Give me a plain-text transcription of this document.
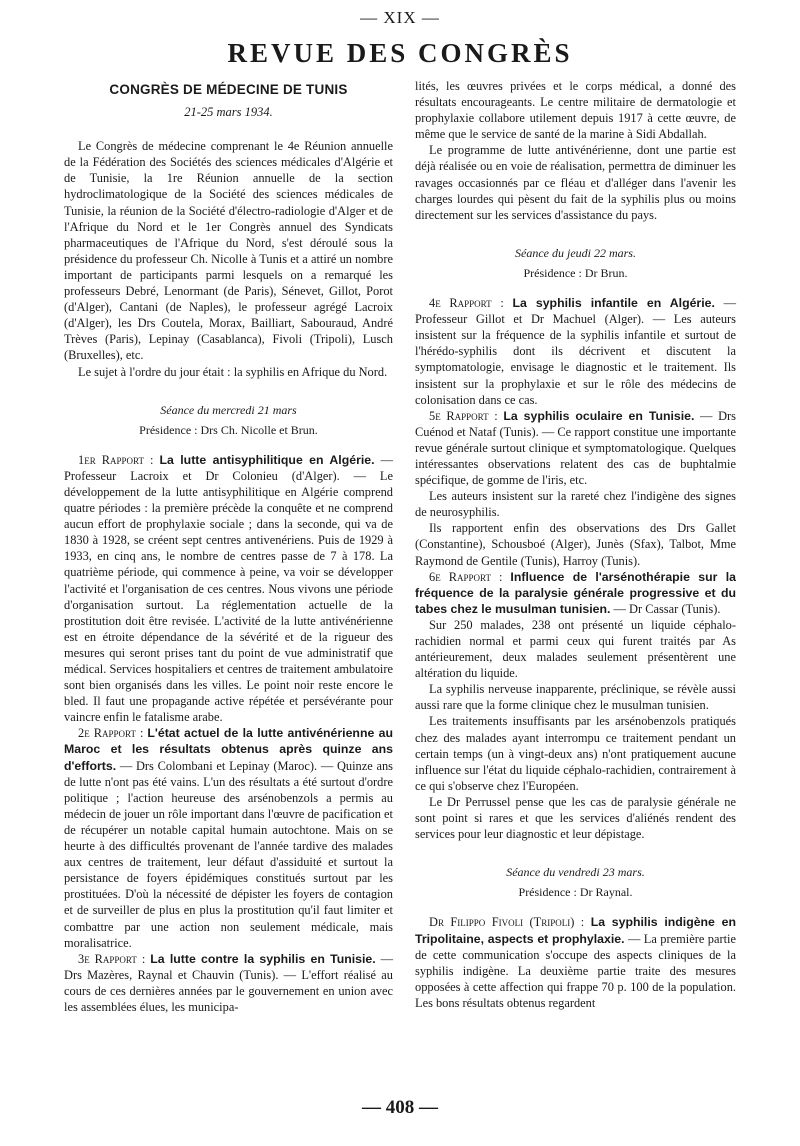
— XIX —
REVUE DES CONGRÈS
CONGRÈS DE MÉDECINE DE TUNIS
21-25 mars 1934.

Le Congrès de médecine comprenant le 4e Réunion annuelle de la Fédération des Sociétés des sciences médicales d'Algérie et de Tunisie, la 1re Réunion annuelle de la section hydroclimatologique de la Société des sciences médicales de Tunisie, la réunion de la Société d'électro-radiologie d'Alger et de l'Afrique du Nord et le 1er Congrès annuel des Syndicats pharmaceutiques de l'Afrique du Nord, s'est déroulé sous la présidence du professeur Ch. Nicolle à Tunis et a attiré un nombre important de participants parmi lesquels on a remarqué les professeurs Debré, Lenormant (de Paris), Sénevet, Gillot, Porot (d'Alger), Cantani (de Naples), le professeur agrégé Lacroix (d'Alger), les Drs Coutela, Morax, Bailliart, Sabouraud, André Trèves (Paris), Lepinay (Casablanca), Fivoli (Tripoli), Lusch (Bruxelles), etc.

Le sujet à l'ordre du jour était : la syphilis en Afrique du Nord.

Séance du mercredi 21 mars
Présidence : Drs Ch. Nicolle et Brun.

1er Rapport : La lutte antisyphilitique en Algérie. — Professeur Lacroix et Dr Colonieu (d'Alger). — Le développement de la lutte antisyphilitique en Algérie comprend quatre périodes : la première précède la conquête et ne comprend aucun effort de prophylaxie sociale ; dans la seconde, qui va de 1830 à 1928, se créent sept centres antivenériens. Puis de 1929 à 1933, en cinq ans, le nombre de centres passe de 7 à 178. La quatrième période, qui commence à peine, va voir se développer l'activité et l'organisation de ces centres. Nous vivons une période d'organisation surtout. La réglementation actuelle de la prostitution doit être revisée. L'activité de la lutte antivénérienne est en étroite dépendance de la sévérité et de la rigueur des mesures qui seront prises tant du point de vue administratif que médical. Services hospitaliers et centres de traitement ambulatoire sont bien organisés dans les villes. Le point noir reste encore le bled. Il faut une propagande active répétée et persévérante pour vaincre enfin le fatalisme arabe.

2e Rapport : L'état actuel de la lutte antivénérienne au Maroc et les résultats obtenus après quinze ans d'efforts. — Drs Colombani et Lepinay (Maroc). — Quinze ans de lutte n'ont pas été vains. L'un des résultats a été surtout d'ordre politique ; l'action heureuse des arsénobenzols a permis au médecin de jouer un rôle important dans l'œuvre de pacification et de récupérer un notable capital humain autochtone. Mais on se heurte à des difficultés provenant de l'année tardive des malades aux centres de traitement, leur défaut d'assiduité et surtout la persistance de foyers épidémiques constitués surtout par les prostituées. D'où la nécessité de dépister les foyers de contagion et de surveiller de plus en plus la prostitution qu'il faut limiter et combattre par une action non seulement médicale, mais moralisatrice.

3e Rapport : La lutte contre la syphilis en Tunisie. — Drs Mazères, Raynal et Chauvin (Tunis). — L'effort réalisé au cours de ces dernières années par le gouvernement en union avec les assemblées élues, les municipa-

lités, les œuvres privées et le corps médical, a donné des résultats encourageants. Le centre militaire de dermatologie et prophylaxie collabore utilement depuis 1917 à cette œuvre, de même que le service de santé de la marine à Sidi Abdallah.

Le programme de lutte antivénérienne, dont une partie est déjà réalisée ou en voie de réalisation, permettra de diminuer les ravages occasionnés par ce fléau et d'alléger dans l'avenir les charges lourdes qui pèsent du fait de la syphilis plus ou moins directement sur les services d'assistance du pays.

Séance du jeudi 22 mars.
Présidence : Dr Brun.

4e Rapport : La syphilis infantile en Algérie. — Professeur Gillot et Dr Machuel (Alger). — Les auteurs insistent sur la fréquence de la syphilis infantile et surtout de l'hérédo-syphilis dont ils décrivent et discutent la symptomatologie, envisage le diagnostic et le traitement. Ils insistent sur la prophylaxie et sur le rôle des médecins de colonisation dans ce cas.

5e Rapport : La syphilis oculaire en Tunisie. — Drs Cuénod et Nataf (Tunis). — Ce rapport constitue une importante revue générale surtout clinique et symptomatologique. Quelques intéressantes observations relatent des cas de buphtalmie spécifique, de gomme de l'iris, etc.

Les auteurs insistent sur la rareté chez l'indigène des signes de neurosyphilis.

Ils rapportent enfin des observations des Drs Gallet (Constantine), Schousboé (Alger), Junès (Sfax), Talbot, Mme Raymond de Gentile (Tunis), Harroy (Tunis).

6e Rapport : Influence de l'arsénothérapie sur la fréquence de la paralysie générale progressive et du tabes chez le musulman tunisien. — Dr Cassar (Tunis).

Sur 250 malades, 238 ont présenté un liquide céphalo-rachidien normal et parmi ceux qui furent traités par As antérieurement, deux malades seulement présentèrent une altération du liquide.

La syphilis nerveuse inapparente, préclinique, se révèle aussi aussi rare que la forme clinique chez le musulman tunisien.

Les traitements insuffisants par les arsénobenzols pratiqués chez des malades ayant interrompu ce traitement pendant un certain temps (un à vingt-deux ans) n'ont pratiquement aucune influence sur l'état du liquide céphalo-rachidien, contrairement à ce qui s'observe chez l'Européen.

Le Dr Perrussel pense que les cas de paralysie générale ne sont point si rares et que les services d'aliénés rendent des services pour leur diagnostic et leur dépistage.

Séance du vendredi 23 mars.
Présidence : Dr Raynal.

Dr Filippo Fivoli (Tripoli) : La syphilis indigène en Tripolitaine, aspects et prophylaxie. — La première partie de cette communication s'occupe des aspects cliniques de la syphilis indigène. La deuxième partie traite des mesures opposées à cette affection qui frappe 70 p. 100 de la population. Les bons résultats obtenus regardent

— 408 —
